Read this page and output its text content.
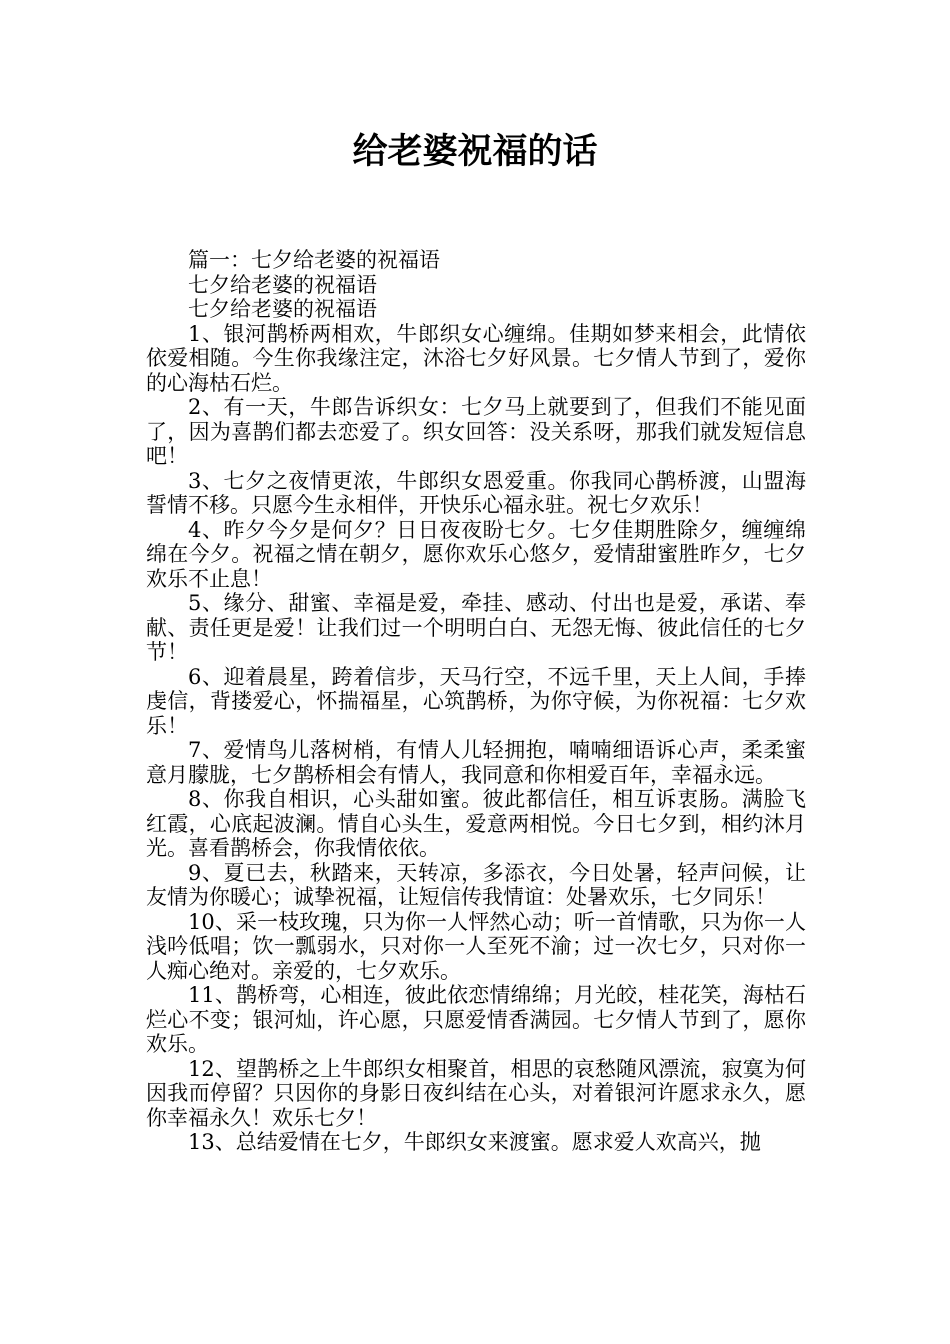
给老婆祝福的话

篇一：七夕给老婆的祝福语

七夕给老婆的祝福语

七夕给老婆的祝福语

1、银河鹊桥两相欢，牛郎织女心缠绵。佳期如梦来相会，此情依依爱相随。今生你我缘注定，沐浴七夕好风景。七夕情人节到了，爱你的心海枯石烂。

2、有一天，牛郎告诉织女：七夕马上就要到了，但我们不能见面了，因为喜鹊们都去恋爱了。织女回答：没关系呀，那我们就发短信息吧！

3、七夕之夜情更浓，牛郎织女恩爱重。你我同心鹊桥渡，山盟海誓情不移。只愿今生永相伴，开快乐心福永驻。祝七夕欢乐！

4、昨夕今夕是何夕？日日夜夜盼七夕。七夕佳期胜除夕，缠缠绵绵在今夕。祝福之情在朝夕，愿你欢乐心悠夕，爱情甜蜜胜昨夕，七夕欢乐不止息！

5、缘分、甜蜜、幸福是爱，牵挂、感动、付出也是爱，承诺、奉献、责任更是爱！让我们过一个明明白白、无怨无悔、彼此信任的七夕节！

6、迎着晨星，跨着信步，天马行空，不远千里，天上人间，手捧虔信，背搂爱心，怀揣福星，心筑鹊桥，为你守候，为你祝福：七夕欢乐！

7、爱情鸟儿落树梢，有情人儿轻拥抱，喃喃细语诉心声，柔柔蜜意月朦胧，七夕鹊桥相会有情人，我同意和你相爱百年，幸福永远。

8、你我自相识，心头甜如蜜。彼此都信任，相互诉衷肠。满脸飞红霞，心底起波澜。情自心头生，爱意两相悦。今日七夕到，相约沐月光。喜看鹊桥会，你我情依依。

9、夏已去，秋踏来，天转凉，多添衣，今日处暑，轻声问候，让友情为你暖心；诚挚祝福，让短信传我情谊：处暑欢乐，七夕同乐！

10、采一枝玫瑰，只为你一人怦然心动；听一首情歌，只为你一人浅吟低唱；饮一瓢弱水，只对你一人至死不渝；过一次七夕，只对你一人痴心绝对。亲爱的，七夕欢乐。

11、鹊桥弯，心相连，彼此依恋情绵绵；月光皎，桂花笑，海枯石烂心不变；银河灿，许心愿，只愿爱情香满园。七夕情人节到了，愿你欢乐。

12、望鹊桥之上牛郎织女相聚首，相思的哀愁随风漂流，寂寞为何因我而停留？只因你的身影日夜纠结在心头，对着银河许愿求永久，愿你幸福永久！欢乐七夕！

13、总结爱情在七夕，牛郎织女来渡蜜。愿求爱人欢高兴，抛
